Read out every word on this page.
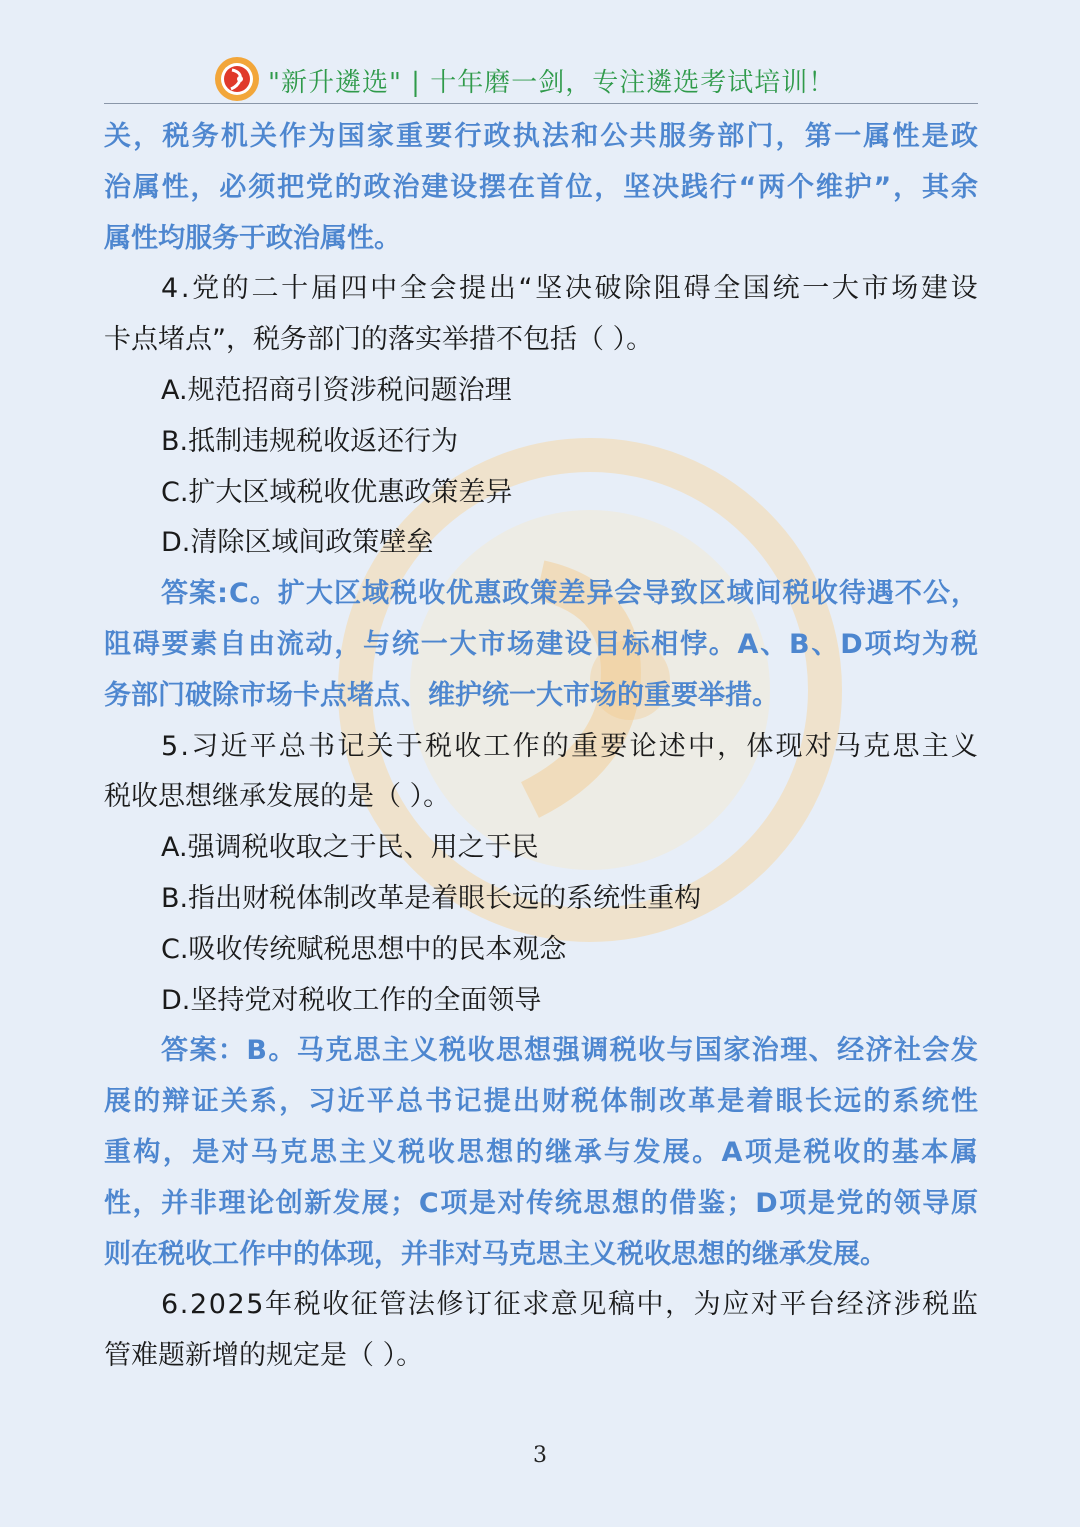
"新升遴选" | 十年磨一剑，专注遴选考试培训！
关 ， 税 务 机 关 作 为 国 家 重 要 行 政 执 法 和 公 共 服 务 部 门 ， 第 一 属 性 是 政
治 属 性 ， 必 须 把 党 的 政 治 建 设 摆 在 首 位 ， 坚 决 践 行 “ 两 个 维 护 ” ， 其 余
属性均服务于政治属性。
4 . 党 的 二 十 届 四 中 全 会 提 出 “ 坚 决 破 除 阻 碍 全 国 统 一 大 市 场 建 设
卡点堵点”，税务部门的落实举措不包括（ ）。
A.规范招商引资涉税问题治理
B.抵制违规税收返还行为
C.扩大区域税收优惠政策差异
D.清除区域间政策壁垒
答 案 : C 。 扩 大 区 域 税 收 优 惠 政 策 差 异 会 导 致 区 域 间 税 收 待 遇 不 公 ，
阻 碍 要 素 自 由 流 动 ， 与 统 一 大 市 场 建 设 目 标 相 悖 。 A 、 B 、 D 项 均 为 税
务部门破除市场卡点堵点、维护统一大市场的重要举措。
5 . 习 近 平 总 书 记 关 于 税 收 工 作 的 重 要 论 述 中 ， 体 现 对 马 克 思 主 义
税收思想继承发展的是（ ）。
A.强调税收取之于民、用之于民
B.指出财税体制改革是着眼长远的系统性重构
C.吸收传统赋税思想中的民本观念
D.坚持党对税收工作的全面领导
答 案 ： B 。 马 克 思 主 义 税 收 思 想 强 调 税 收 与 国 家 治 理 、 经 济 社 会 发
展 的 辩 证 关 系 ， 习 近 平 总 书 记 提 出 财 税 体 制 改 革 是 着 眼 长 远 的 系 统 性
重 构 ， 是 对 马 克 思 主 义 税 收 思 想 的 继 承 与 发 展 。 A 项 是 税 收 的 基 本 属
性 ， 并 非 理 论 创 新 发 展 ； C 项 是 对 传 统 思 想 的 借 鉴 ； D 项 是 党 的 领 导 原
则在税收工作中的体现，并非对马克思主义税收思想的继承发展。
6 . 2 0 2 5 年 税 收 征 管 法 修 订 征 求 意 见 稿 中 ， 为 应 对 平 台 经 济 涉 税 监
管难题新增的规定是（ ）。
3
